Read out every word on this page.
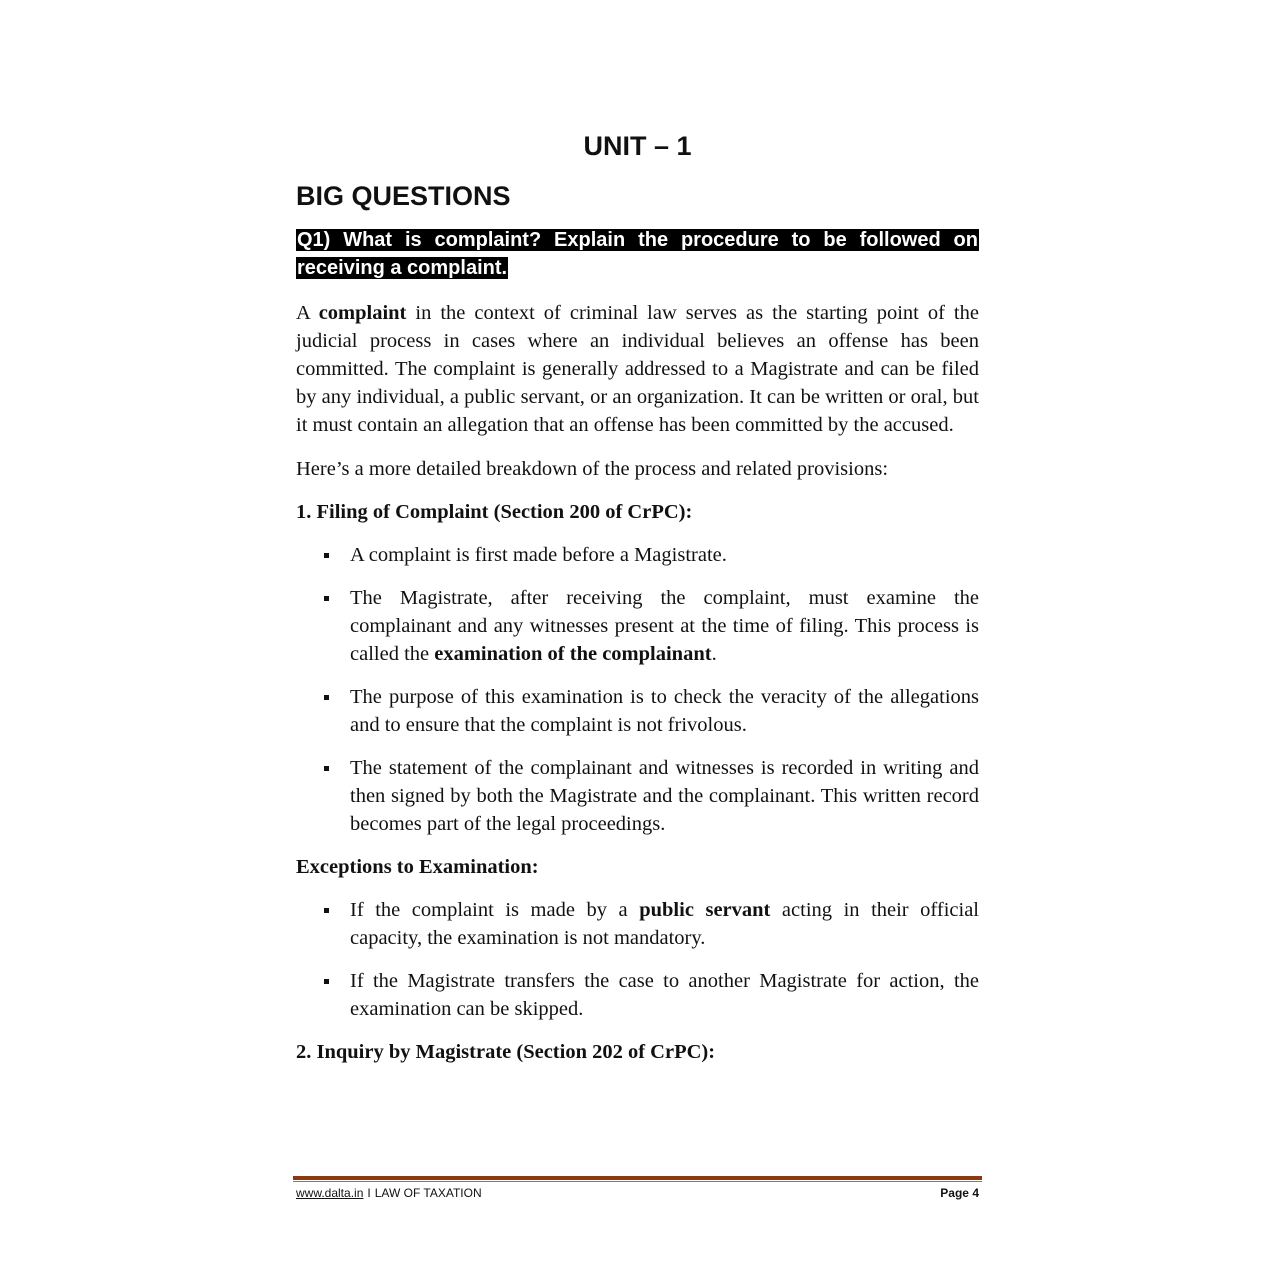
UNIT – 1
BIG QUESTIONS

Q1) What is complaint? Explain the procedure to be followed on receiving a complaint.

A complaint in the context of criminal law serves as the starting point of the judicial process in cases where an individual believes an offense has been committed. The complaint is generally addressed to a Magistrate and can be filed by any individual, a public servant, or an organization. It can be written or oral, but it must contain an allegation that an offense has been committed by the accused.

Here’s a more detailed breakdown of the process and related provisions:

1. Filing of Complaint (Section 200 of CrPC):

A complaint is first made before a Magistrate.
The Magistrate, after receiving the complaint, must examine the complainant and any witnesses present at the time of filing. This process is called the examination of the complainant.
The purpose of this examination is to check the veracity of the allegations and to ensure that the complaint is not frivolous.
The statement of the complainant and witnesses is recorded in writing and then signed by both the Magistrate and the complainant. This written record becomes part of the legal proceedings.

Exceptions to Examination:

If the complaint is made by a public servant acting in their official capacity, the examination is not mandatory.
If the Magistrate transfers the case to another Magistrate for action, the examination can be skipped.

2. Inquiry by Magistrate (Section 202 of CrPC):

www.dalta.in I LAW OF TAXATION	Page 4
